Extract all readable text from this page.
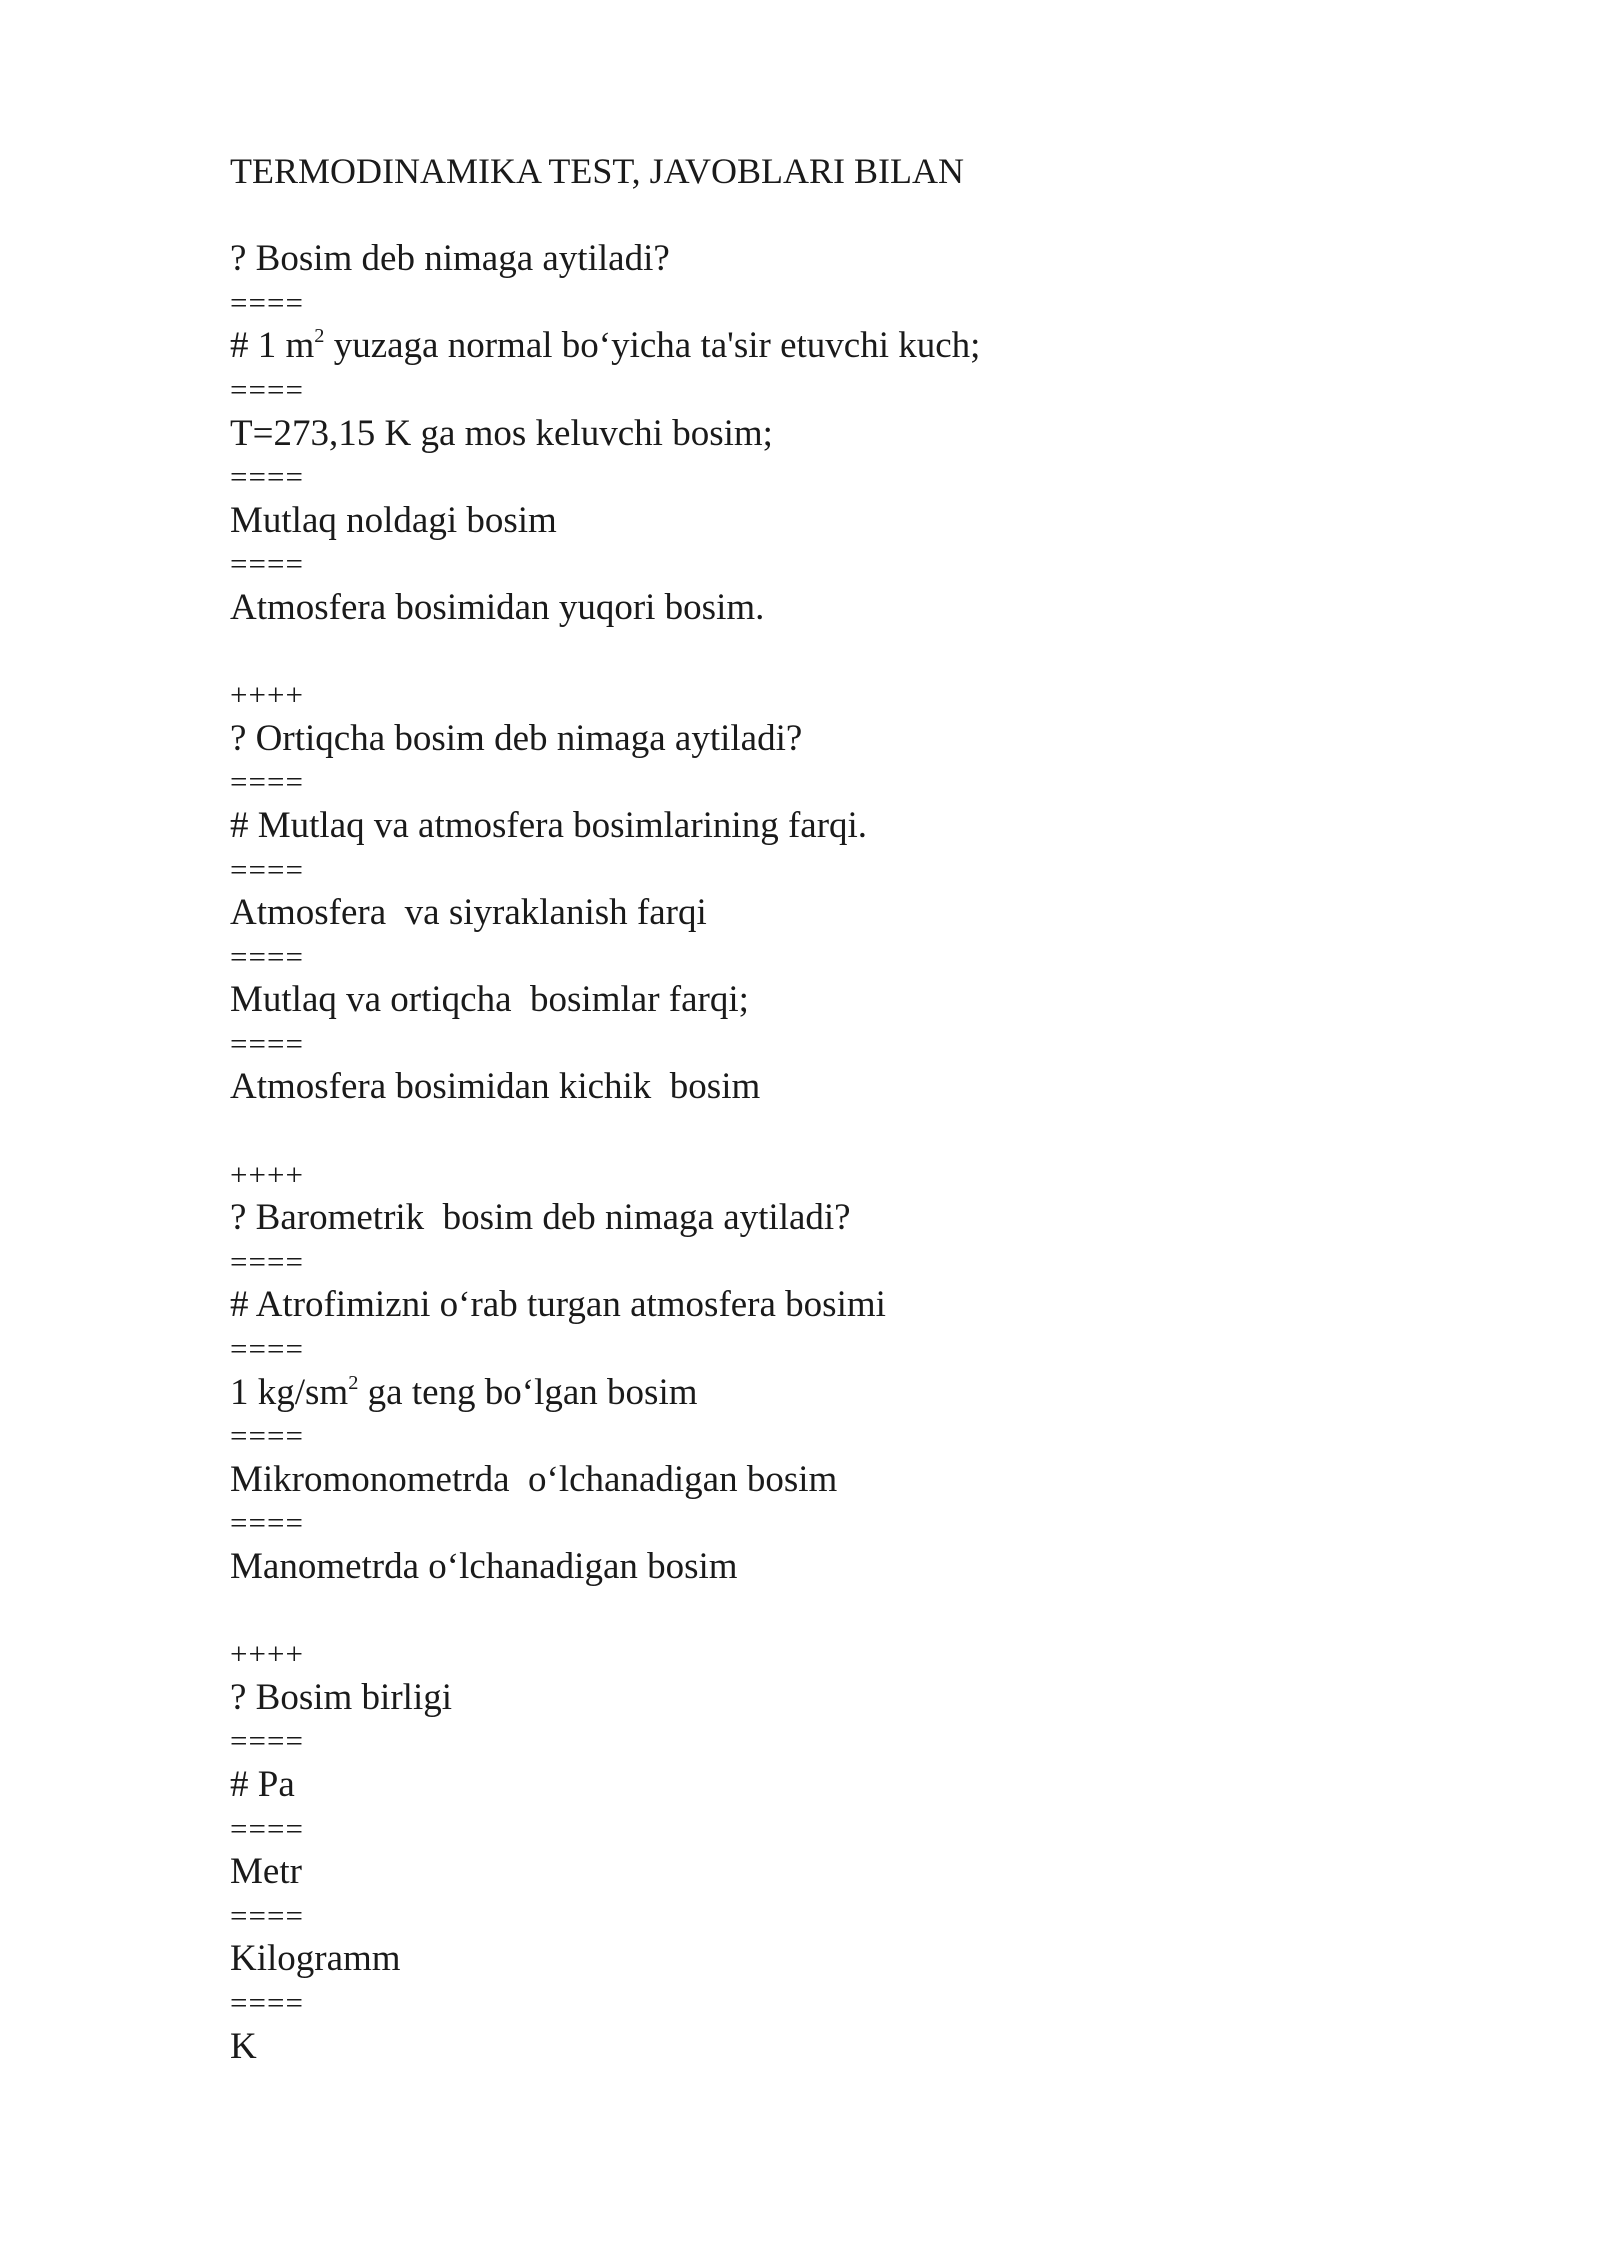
TERMODINAMIKA TEST, JAVOBLARI BILAN
? Bosim deb nimaga aytiladi?
====
# 1 $m^2$ yuzaga normal bo‘yicha ta'sir etuvchi kuch;
====
T=273,15 K ga mos keluvchi bosim;
====
Mutlaq noldagi bosim
====
Atmosfera bosimidan yuqori bosim.
++++
? Ortiqcha bosim deb nimaga aytiladi?
====
# Mutlaq va atmosfera bosimlarining farqi.
====
Atmosfera  va siyraklanish farqi
====
Mutlaq va ortiqcha  bosimlar farqi;
====
Atmosfera bosimidan kichik  bosim
++++
? Barometrik  bosim deb nimaga aytiladi?
====
# Atrofimizni o‘rab turgan atmosfera bosimi
====
1 $kg/sm^2$ ga teng bo‘lgan bosim
====
Mikromonometrda  o‘lchanadigan bosim
====
Manometrda o‘lchanadigan bosim
++++
? Bosim birligi
====
# Pa
====
Metr
====
Kilogramm
====
K
